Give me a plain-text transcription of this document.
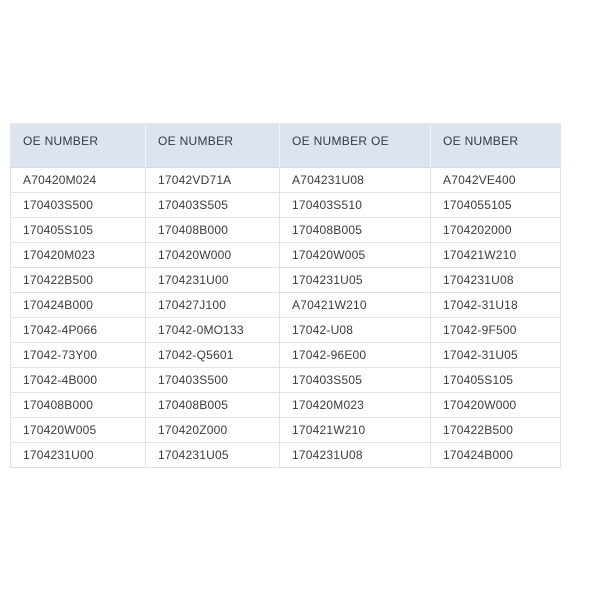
OE NUMBER	OE NUMBER	OE NUMBER OE	OE NUMBER
A70420M024	17042VD71A	A704231U08	A7042VE400
170403S500	170403S505	170403S510	1704055105
170405S105	170408B000	170408B005	1704202000
170420M023	170420W000	170420W005	170421W210
170422B500	1704231U00	1704231U05	1704231U08
170424B000	170427J100	A70421W210	17042-31U18
17042-4P066	17042-0MO133	17042-U08	17042-9F500
17042-73Y00	17042-Q5601	17042-96E00	17042-31U05
17042-4B000	170403S500	170403S505	170405S105
170408B000	170408B005	170420M023	170420W000
170420W005	170420Z000	170421W210	170422B500
1704231U00	1704231U05	1704231U08	170424B000
